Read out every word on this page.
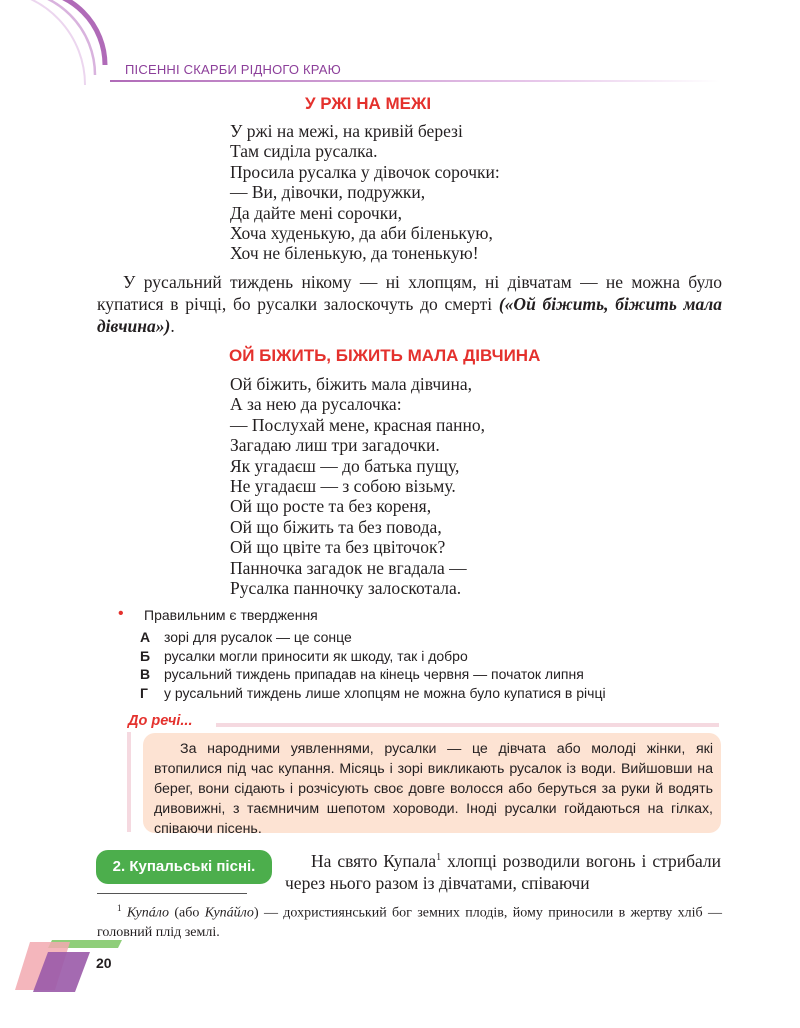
ПІСЕННІ СКАРБИ РІДНОГО КРАЮ
У РЖІ НА МЕЖІ
У ржі на межі, на кривій березі
Там сиділа русалка.
Просила русалка у дівочок сорочки:
— Ви, дівочки, подружки,
Да дайте мені сорочки,
Хоча худенькую, да аби біленькую,
Хоч не біленькую, да тоненькую!

У русальний тиждень нікому — ні хлопцям, ні дівчатам — не можна було купатися в річці, бо русалки залоскочуть до смерті («Ой біжить, біжить мала дівчина»).

ОЙ БІЖИТЬ, БІЖИТЬ МАЛА ДІВЧИНА
Ой біжить, біжить мала дівчина,
А за нею да русалочка:
— Послухай мене, красная панно,
Загадаю лиш три загадочки.
Як угадаєш — до батька пущу,
Не угадаєш — з собою візьму.
Ой що росте та без кореня,
Ой що біжить та без повода,
Ой що цвіте та без цвіточок?
Панночка загадок не вгадала —
Русалка панночку залоскотала.
• Правильним є твердження
А зорі для русалок — це сонце
Б русалки могли приносити як шкоду, так і добро
В русальний тиждень припадав на кінець червня — початок липня
Г у русальний тиждень лише хлопцям не можна було купатися в річці
До речі...
За народними уявленнями, русалки — це дівчата або молоді жінки, які втопилися під час купання. Місяць і зорі викликають русалок із води. Вийшовши на берег, вони сідають і розчісують своє довге волосся або беруться за руки й водять дивовижні, з таємничим шепотом хороводи. Іноді русалки гойдаються на гілках, співаючи пісень.
2. Купальські пісні.	На свято Купала$^1$ хлопці розводили вогонь і стрибали через нього разом із дівчатами, співаючи

$^1$ Купáло (або Купáйло) — дохристиянський бог земних плодів, йому приносили в жертву хліб — головний плід землі.

20
